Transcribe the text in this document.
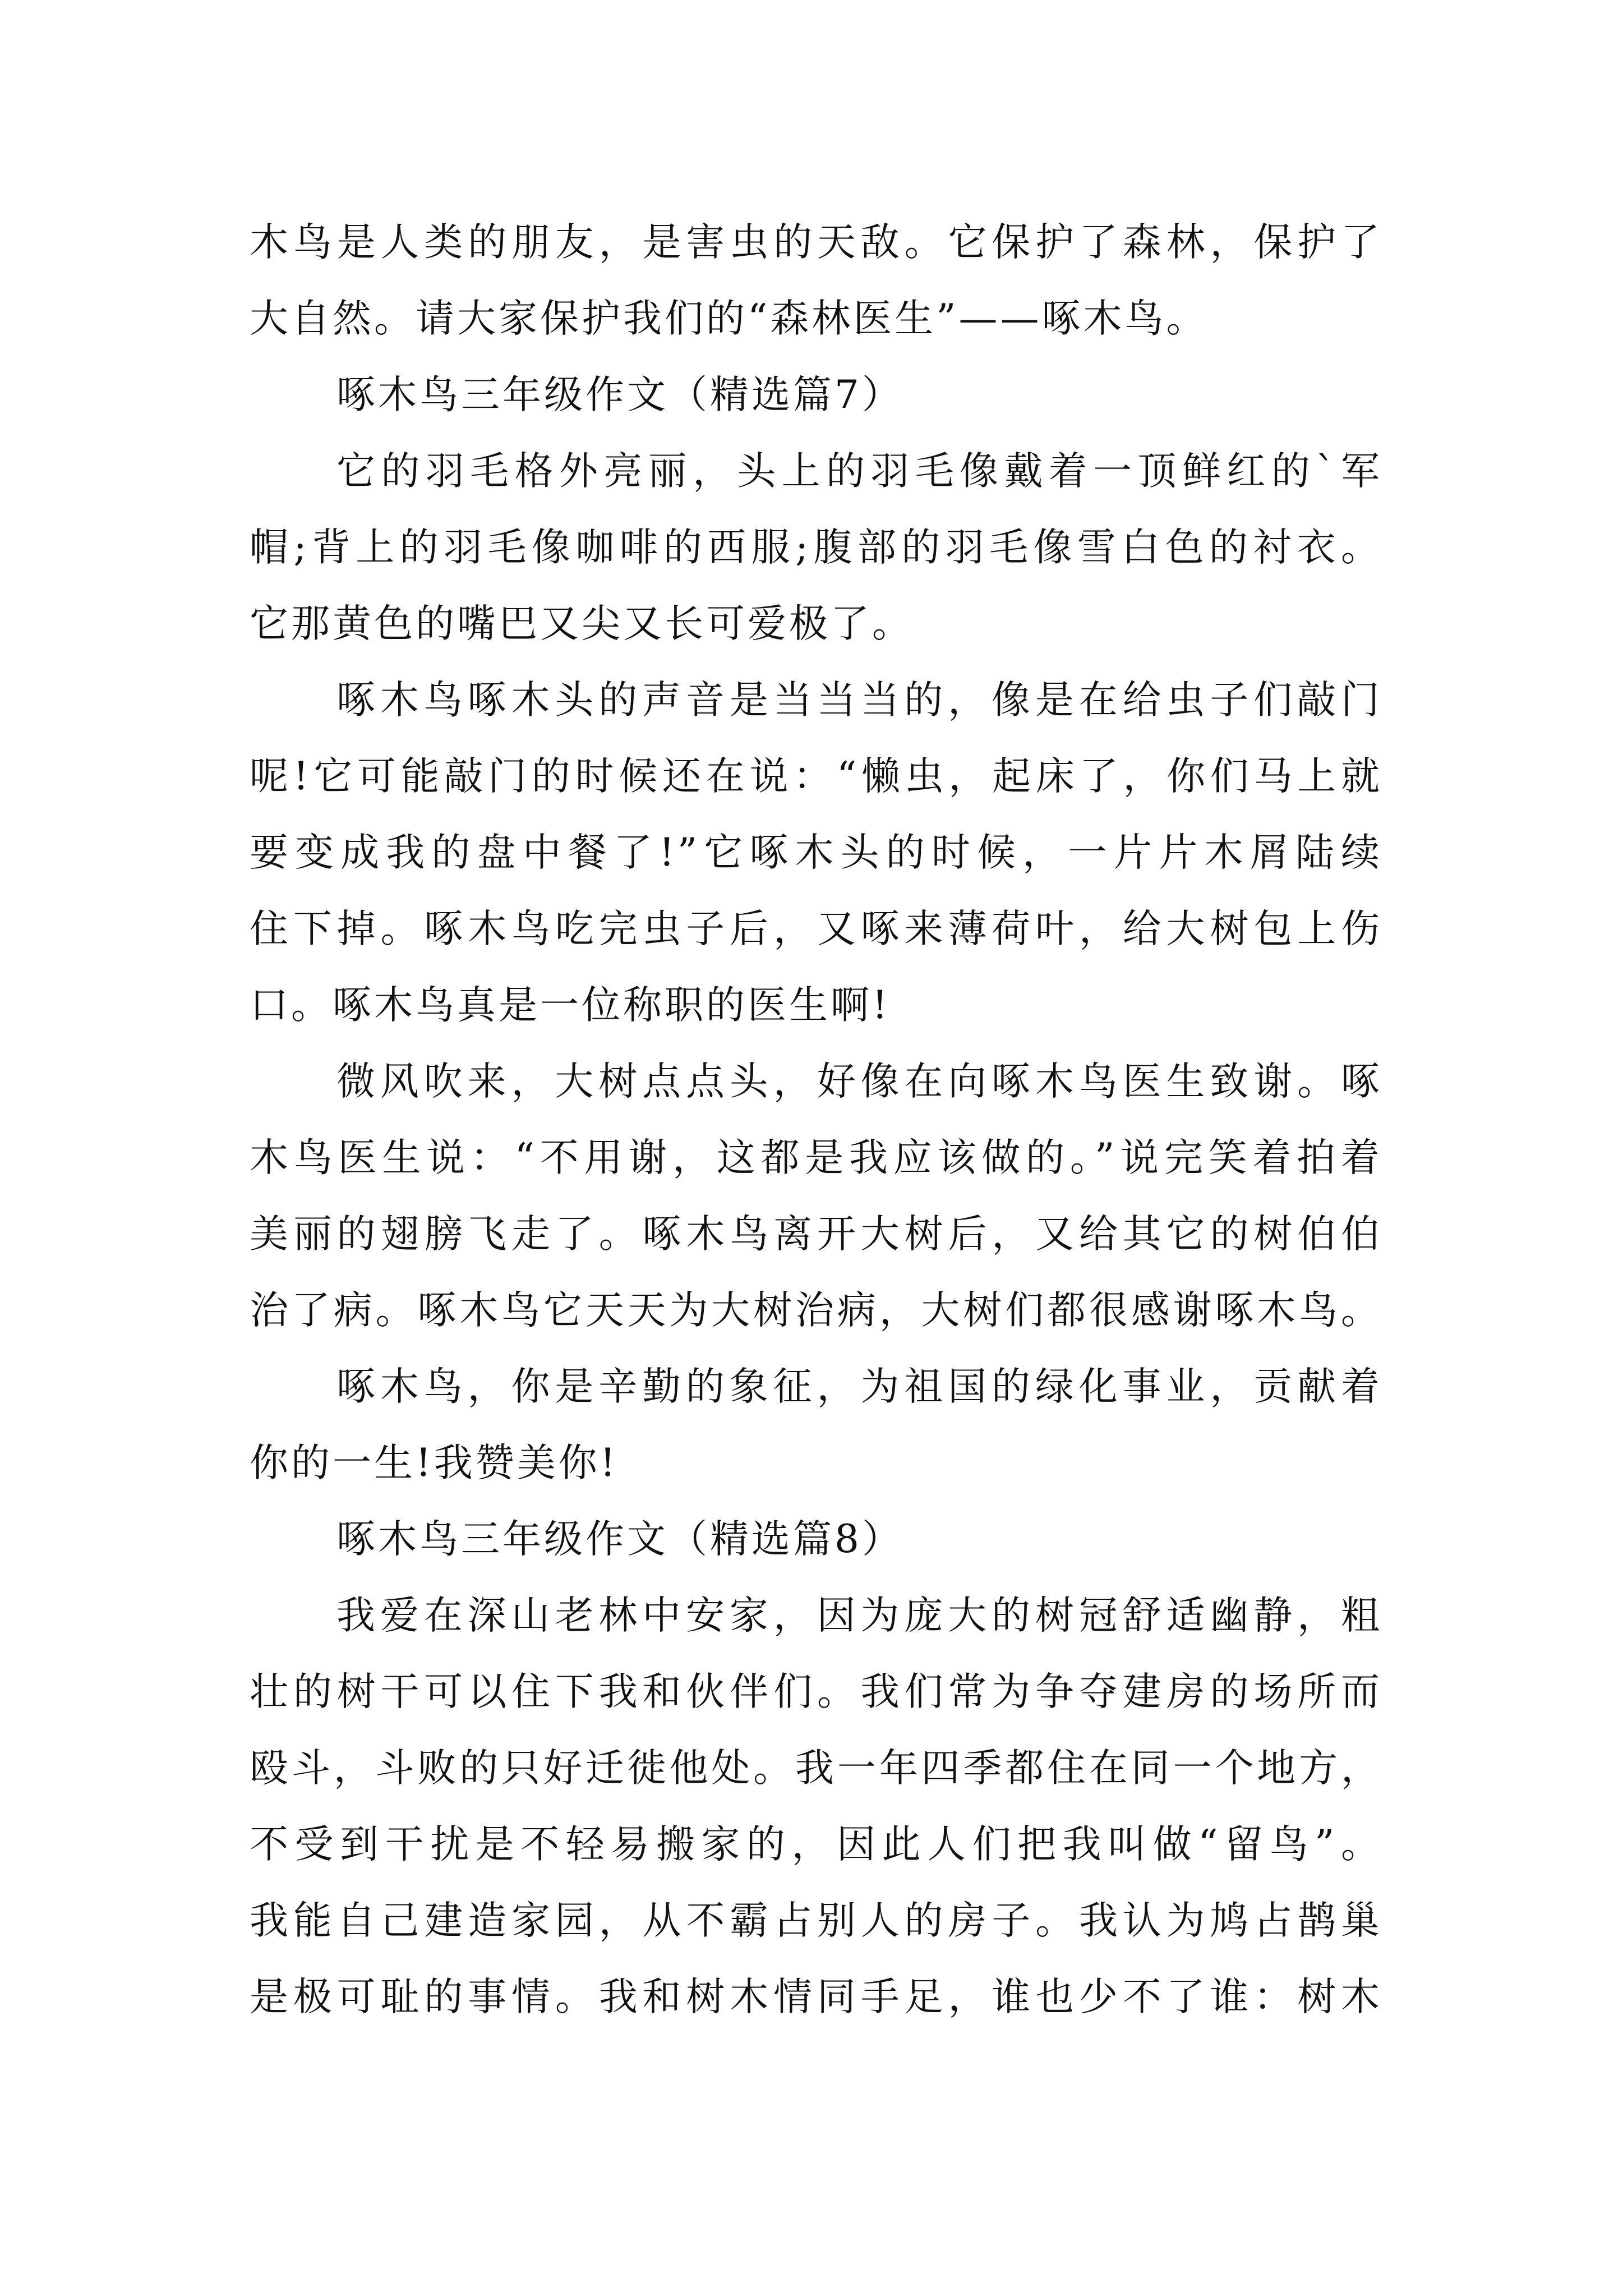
木鸟是人类的朋友，是害虫的天敌。它保护了森林，保护了
大自然。请大家保护我们的“森林医生”——啄木鸟。
啄木鸟三年级作文（精选篇7）
它的羽毛格外亮丽，头上的羽毛像戴着一顶鲜红的`军
帽;背上的羽毛像咖啡的西服;腹部的羽毛像雪白色的衬衣。
它那黄色的嘴巴又尖又长可爱极了。
啄木鸟啄木头的声音是当当当的，像是在给虫子们敲门
呢!它可能敲门的时候还在说：“懒虫，起床了，你们马上就
要变成我的盘中餐了!”它啄木头的时候，一片片木屑陆续
住下掉。啄木鸟吃完虫子后，又啄来薄荷叶，给大树包上伤
口。啄木鸟真是一位称职的医生啊!
微风吹来，大树点点头，好像在向啄木鸟医生致谢。啄
木鸟医生说：“不用谢，这都是我应该做的。”说完笑着拍着
美丽的翅膀飞走了。啄木鸟离开大树后，又给其它的树伯伯
治了病。啄木鸟它天天为大树治病，大树们都很感谢啄木鸟。
啄木鸟，你是辛勤的象征，为祖国的绿化事业，贡献着
你的一生!我赞美你!
啄木鸟三年级作文（精选篇8）
我爱在深山老林中安家，因为庞大的树冠舒适幽静，粗
壮的树干可以住下我和伙伴们。我们常为争夺建房的场所而
殴斗，斗败的只好迁徙他处。我一年四季都住在同一个地方，
不受到干扰是不轻易搬家的，因此人们把我叫做“留鸟”。
我能自己建造家园，从不霸占别人的房子。我认为鸠占鹊巢
是极可耻的事情。我和树木情同手足，谁也少不了谁：树木
